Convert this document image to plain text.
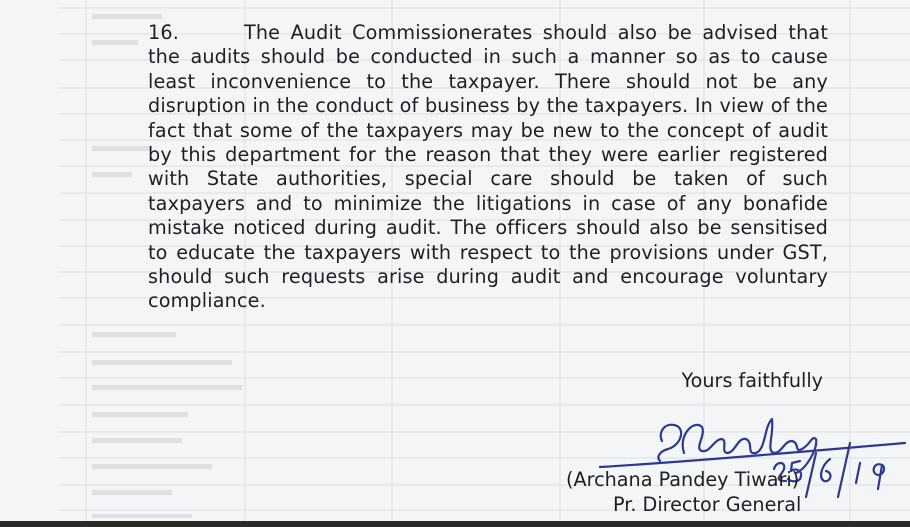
16.	The Audit Commissionerates should also be advised that the audits should be conducted in such a manner so as to cause least inconvenience to the taxpayer. There should not be any disruption in the conduct of business by the taxpayers. In view of the fact that some of the taxpayers may be new to the concept of audit by this department for the reason that they were earlier registered with State authorities, special care should be taken of such taxpayers and to minimize the litigations in case of any bonafide mistake noticed during audit. The officers should also be sensitised to educate the taxpayers with respect to the provisions under GST, should such requests arise during audit and encourage voluntary compliance.

Yours faithfully
(Archana Pandey Tiwari)
Pr. Director General
